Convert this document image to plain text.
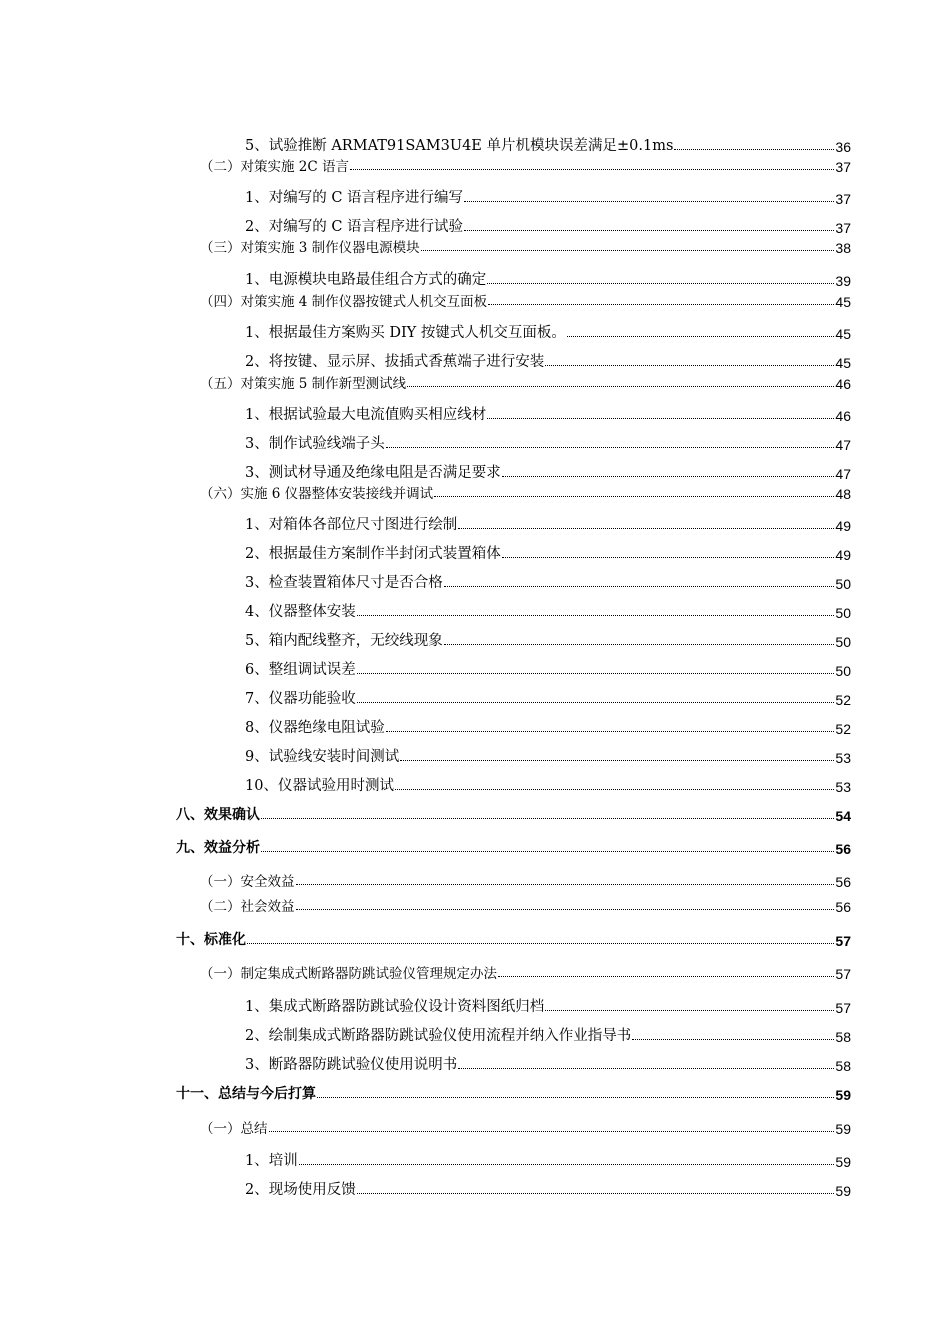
5、试验推断 ARMAT91SAM3U4E 单片机模块误差满足±0.1ms	36
（二）对策实施 2C 语言	37
1、对编写的 C 语言程序进行编写	37
2、对编写的 C 语言程序进行试验	37
（三）对策实施 3 制作仪器电源模块	38
1、电源模块电路最佳组合方式的确定	39
（四）对策实施 4 制作仪器按键式人机交互面板	45
1、根据最佳方案购买 DIY 按键式人机交互面板。	45
2、将按键、显示屏、拔插式香蕉端子进行安装	45
（五）对策实施 5 制作新型测试线	46
1、根据试验最大电流值购买相应线材	46
3、制作试验线端子头	47
3、测试材导通及绝缘电阻是否满足要求	47
（六）实施 6 仪器整体安装接线并调试	48
1、对箱体各部位尺寸图进行绘制	49
2、根据最佳方案制作半封闭式装置箱体	49
3、检查装置箱体尺寸是否合格	50
4、仪器整体安装	50
5、箱内配线整齐，无绞线现象	50
6、整组调试误差	50
7、仪器功能验收	52
8、仪器绝缘电阻试验	52
9、试验线安装时间测试	53
10、仪器试验用时测试	53
八、效果确认	54
九、效益分析	56
（一）安全效益	56
（二）社会效益	56
十、标准化	57
（一）制定集成式断路器防跳试验仪管理规定办法	57
1、集成式断路器防跳试验仪设计资料图纸归档	57
2、绘制集成式断路器防跳试验仪使用流程并纳入作业指导书	58
3、断路器防跳试验仪使用说明书	58
十一、总结与今后打算	59
（一）总结	59
1、培训	59
2、现场使用反馈	59
